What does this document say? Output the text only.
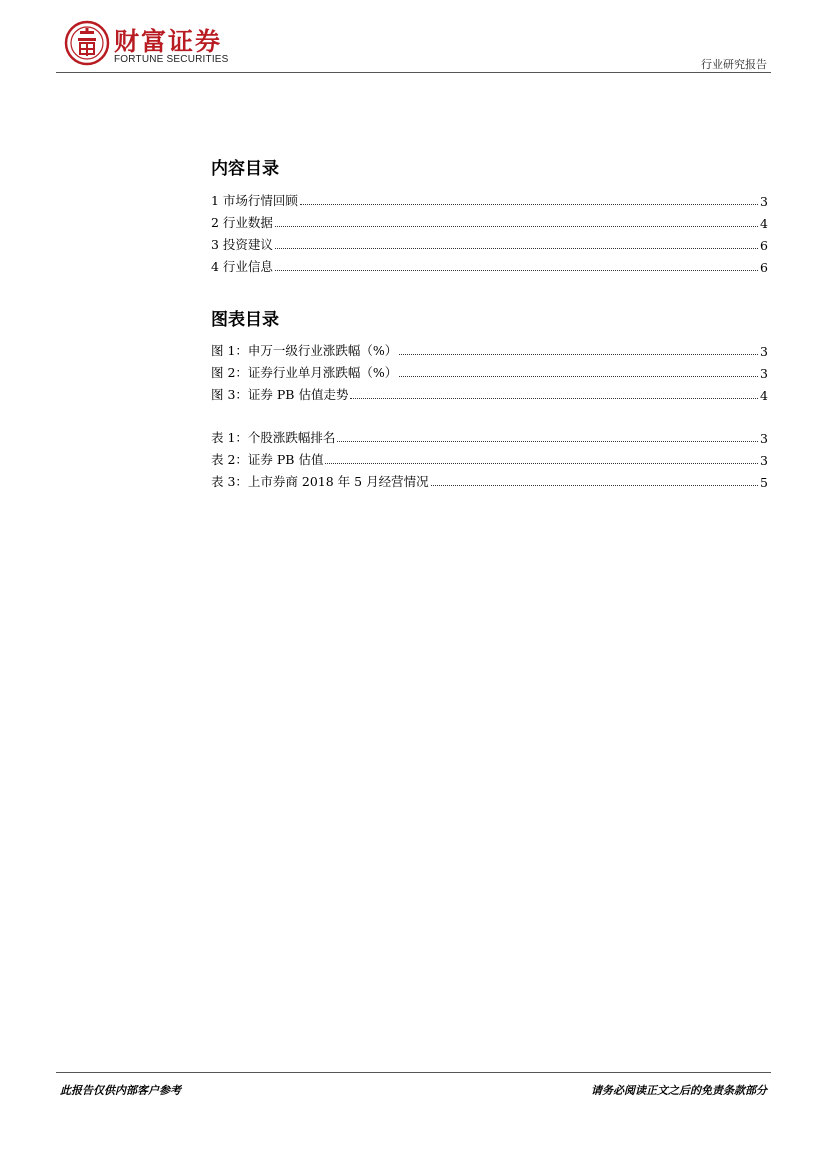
财富证券
FORTUNE SECURITIES	行业研究报告
内容目录
1 市场行情回顾	3
2 行业数据	4
3 投资建议	6
4 行业信息	6
图表目录
图 1：申万一级行业涨跌幅（%）	3
图 2：证券行业单月涨跌幅（%）	3
图 3：证券 PB 估值走势	4
表 1：个股涨跌幅排名	3
表 2：证券 PB 估值	3
表 3：上市券商 2018 年 5 月经营情况	5
此报告仅供内部客户参考	请务必阅读正文之后的免责条款部分
